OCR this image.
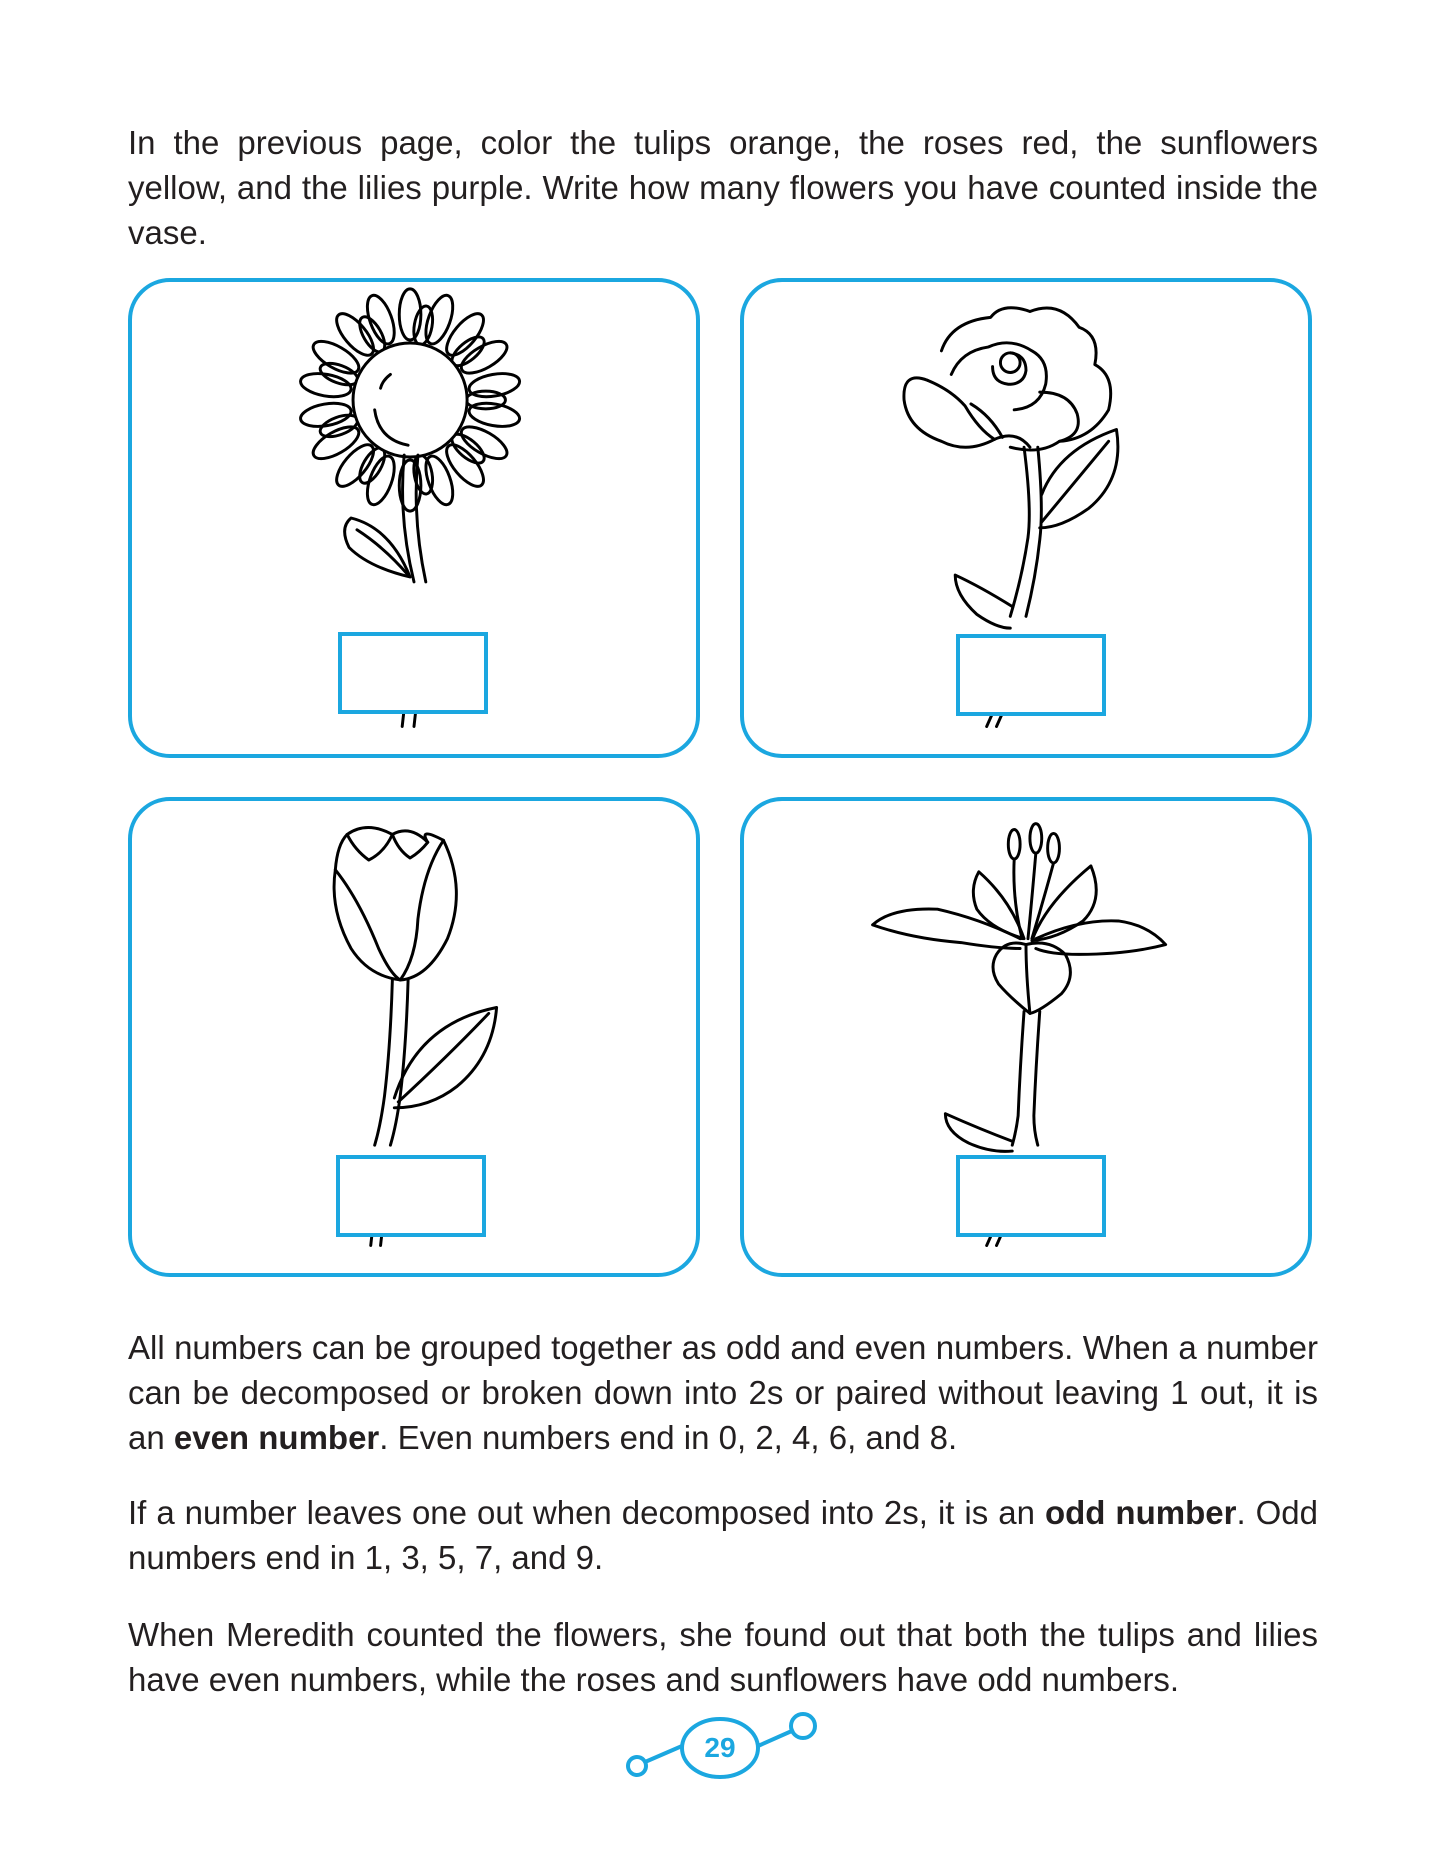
In the previous page, color the tulips orange, the roses red, the sunflowers yellow, and the lilies purple. Write how many flowers you have counted inside the vase.

All numbers can be grouped together as odd and even numbers. When a number can be decomposed or broken down into 2s or paired without leaving 1 out, it is an even number. Even numbers end in 0, 2, 4, 6, and 8.

If a number leaves one out when decomposed into 2s, it is an odd number. Odd numbers end in 1, 3, 5, 7, and 9.

When Meredith counted the flowers, she found out that both the tulips and lilies have even numbers, while the roses and sunflowers have odd numbers.

29
